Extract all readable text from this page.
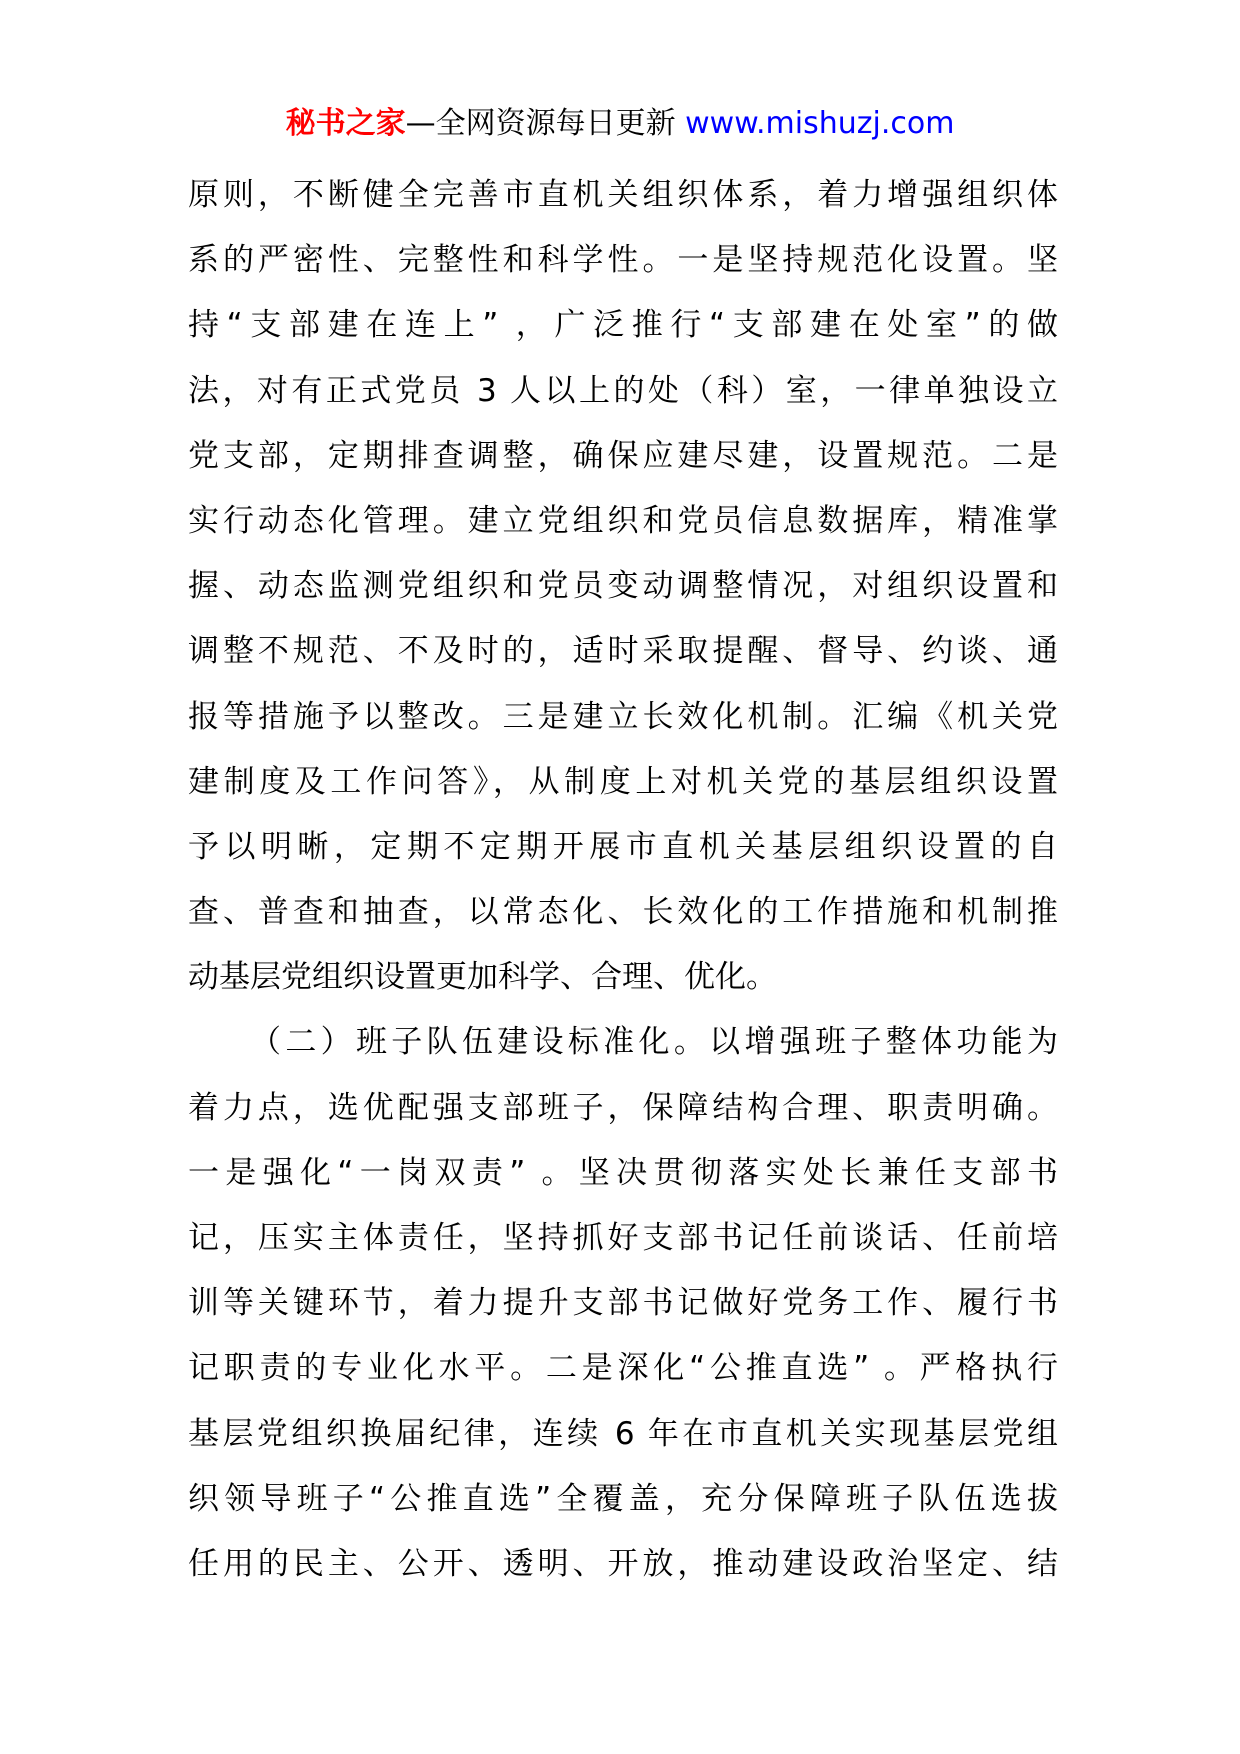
秘书之家—全网资源每日更新 www.mishuzj.com
原则，不断健全完善市直机关组织体系，着力增强组织体
系的严密性、完整性和科学性。一是坚持规范化设置。坚
持“支部建在连上” ，广泛推行“支部建在处室”的做
法，对有正式党员 3 人以上的处（科）室，一律单独设立
党支部，定期排查调整，确保应建尽建，设置规范。二是
实行动态化管理。建立党组织和党员信息数据库，精准掌
握、动态监测党组织和党员变动调整情况，对组织设置和
调整不规范、不及时的，适时采取提醒、督导、约谈、通
报等措施予以整改。三是建立长效化机制。汇编《机关党
建制度及工作问答》，从制度上对机关党的基层组织设置
予以明晰，定期不定期开展市直机关基层组织设置的自
查、普查和抽查，以常态化、长效化的工作措施和机制推
动基层党组织设置更加科学、合理、优化。
（二）班子队伍建设标准化。以增强班子整体功能为
着力点，选优配强支部班子，保障结构合理、职责明确。
一是强化“一岗双责” 。坚决贯彻落实处长兼任支部书
记，压实主体责任，坚持抓好支部书记任前谈话、任前培
训等关键环节，着力提升支部书记做好党务工作、履行书
记职责的专业化水平。二是深化“公推直选” 。严格执行
基层党组织换届纪律，连续 6 年在市直机关实现基层党组
织领导班子“公推直选”全覆盖，充分保障班子队伍选拔
任用的民主、公开、透明、开放，推动建设政治坚定、结
